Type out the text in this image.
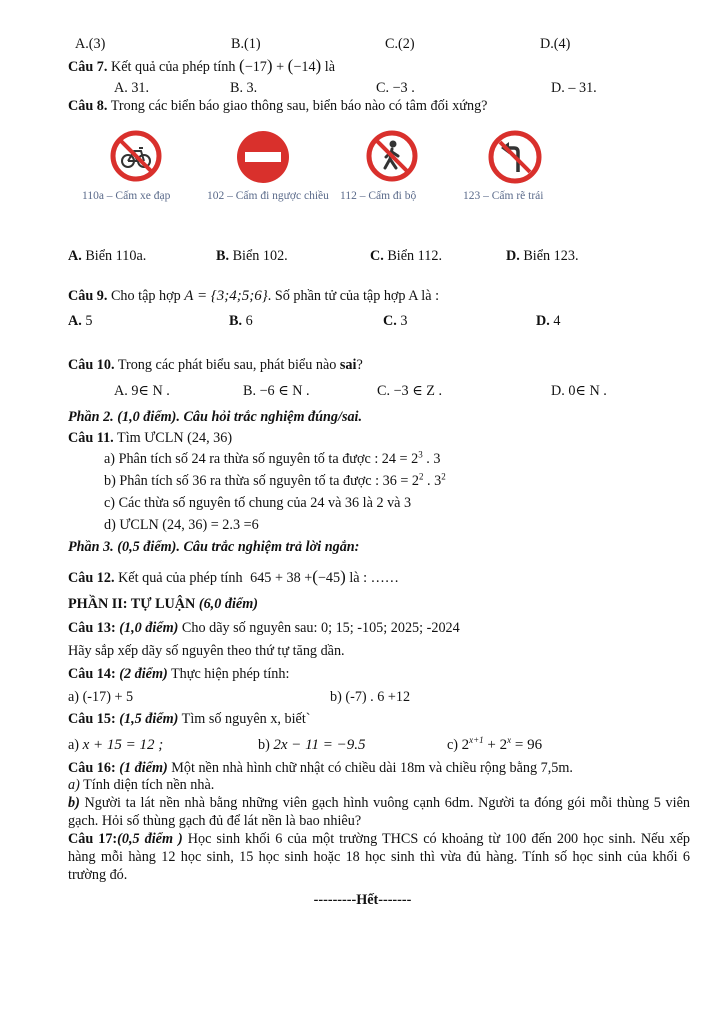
A.(3)	B.(1)	C.(2)	D.(4)
Câu 7. Kết quả của phép tính (−17) + (−14) là
A. 31.	B. 3.	C. −3 .	D. – 31.
Câu 8. Trong các biển báo giao thông sau, biển báo nào có tâm đối xứng?
110a – Cấm xe đạp	102 – Cấm đi ngược chiều 112 – Cấm đi bộ	123 – Cấm rẽ trái
A. Biển 110a.	B. Biển 102.	C. Biển 112.	D. Biển 123.
Câu 9. Cho tập hợp A = {3;4;5;6}. Số phần tử của tập hợp A là :
A. 5	B. 6	C. 3	D. 4
Câu 10. Trong các phát biểu sau, phát biểu nào sai?
A. 9∈ N .	B. −6 ∈ N .	C. −3 ∈ Z .	D. 0∈ N .
Phần 2. (1,0 điểm). Câu hỏi trắc nghiệm đúng/sai.
Câu 11. Tìm ƯCLN (24, 36)
a) Phân tích số 24 ra thừa số nguyên tố ta được : $24 = 2^3$ . 3
b) Phân tích số 36 ra thừa số nguyên tố ta được : $36 = 2^2$ . $3^2$
c) Các thừa số nguyên tố chung của 24 và 36 là 2 và 3
d) ƯCLN (24, 36) = 2.3 =6
Phần 3. (0,5 điểm). Câu trắc nghiệm trả lời ngắn:
Câu 12. Kết quả của phép tính 645 + 38 +(−45) là : ……
PHẦN II: TỰ LUẬN (6,0 điểm)
Câu 13: (1,0 điểm) Cho dãy số nguyên sau: 0; 15; -105; 2025; -2024
Hãy sắp xếp dãy số nguyên theo thứ tự tăng dần.
Câu 14: (2 điểm) Thực hiện phép tính:
a) (-17) + 5	b) (-7) . 6 +12
Câu 15: (1,5 điểm) Tìm số nguyên x, biết`
a) x + 15 = 12 ;	b) 2x − 11 = −9.5	c) $2^{x+1} + 2^x = 96$
Câu 16: (1 điểm) Một nền nhà hình chữ nhật có chiều dài 18m và chiều rộng bằng 7,5m.
a) Tính diện tích nền nhà.
b) Người ta lát nền nhà bằng những viên gạch hình vuông cạnh 6dm. Người ta đóng gói mỗi thùng 5 viên gạch. Hỏi số thùng gạch đủ để lát nền là bao nhiêu?
Câu 17:(0,5 điểm ) Học sinh khối 6 của một trường THCS có khoảng từ 100 đến 200 học sinh. Nếu xếp hàng mỗi hàng 12 học sinh, 15 học sinh hoặc 18 học sinh thì vừa đủ hàng. Tính số học sinh của khối 6 trường đó.
---------Hết-------
